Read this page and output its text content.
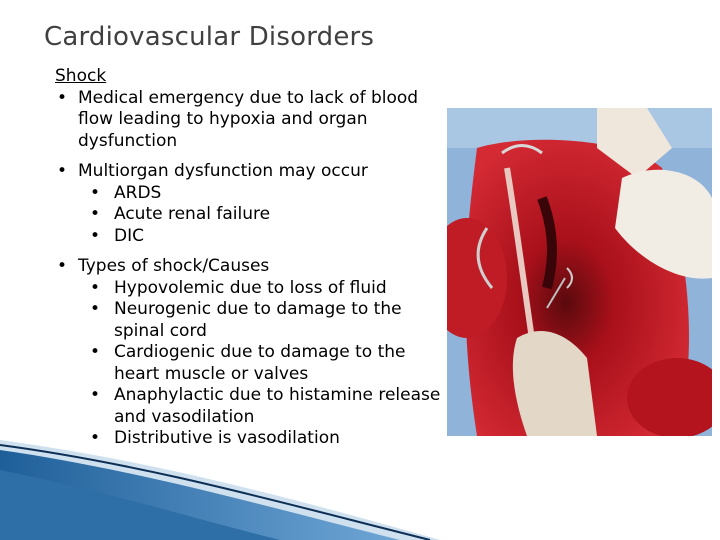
Cardiovascular Disorders
Shock
• Medical emergency due to lack of blood flow leading to hypoxia and organ dysfunction
• Multiorgan dysfunction may occur
• ARDS
• Acute renal failure
• DIC
• Types of shock/Causes
• Hypovolemic due to loss of fluid
• Neurogenic due to damage to the spinal cord
• Cardiogenic due to damage to the heart muscle or valves
• Anaphylactic due to histamine release and vasodilation
• Distributive is vasodilation
